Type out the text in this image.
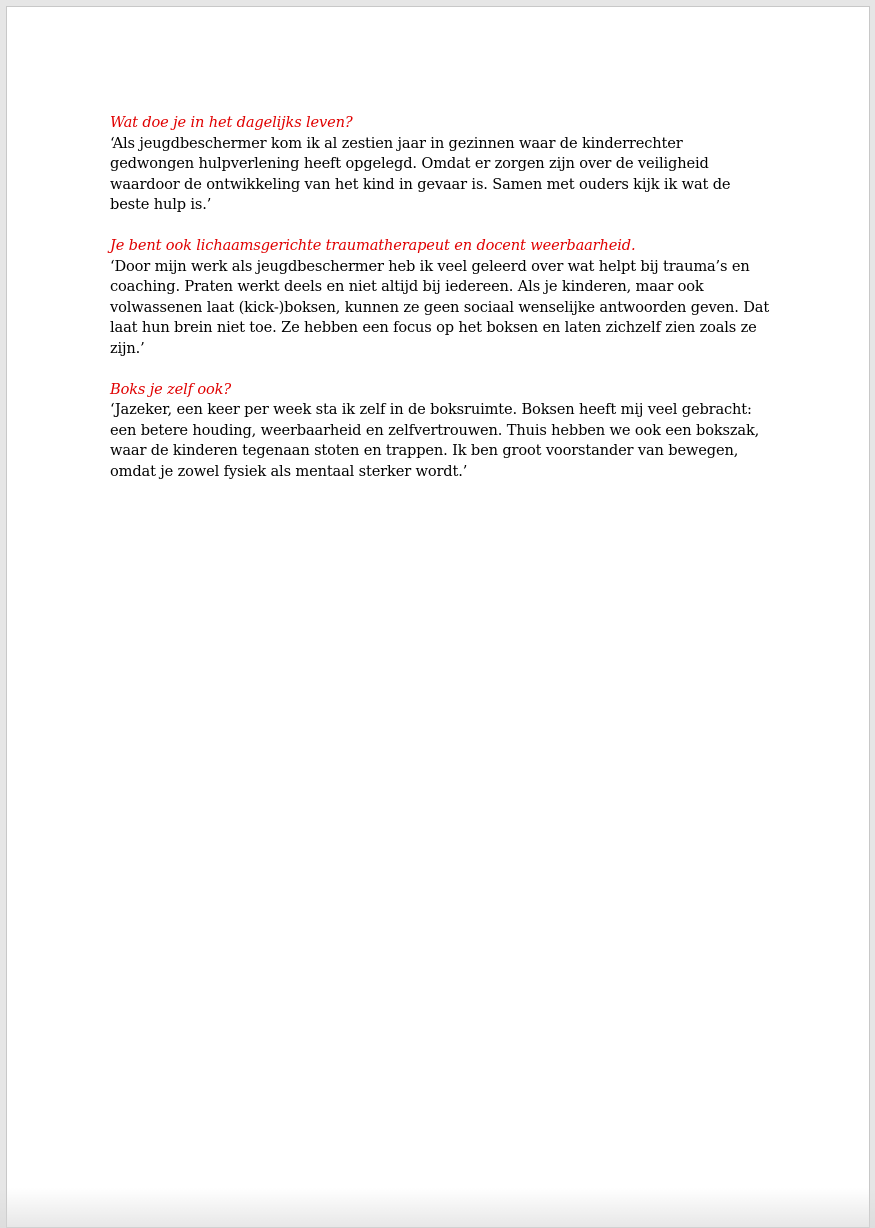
Wat doe je in het dagelijks leven?
‘Als jeugdbeschermer kom ik al zestien jaar in gezinnen waar de kinderrechter gedwongen hulpverlening heeft opgelegd. Omdat er zorgen zijn over de veiligheid waardoor de ontwikkeling van het kind in gevaar is. Samen met ouders kijk ik wat de beste hulp is.’
Je bent ook lichaamsgerichte traumatherapeut en docent weerbaarheid.
‘Door mijn werk als jeugdbeschermer heb ik veel geleerd over wat helpt bij trauma’s en coaching. Praten werkt deels en niet altijd bij iedereen. Als je kinderen, maar ook volwassenen laat (kick-)boksen, kunnen ze geen sociaal wenselijke antwoorden geven. Dat laat hun brein niet toe. Ze hebben een focus op het boksen en laten zichzelf zien zoals ze zijn.’
Boks je zelf ook?
‘Jazeker, een keer per week sta ik zelf in de boksruimte. Boksen heeft mij veel gebracht: een betere houding, weerbaarheid en zelfvertrouwen. Thuis hebben we ook een bokszak, waar de kinderen tegenaan stoten en trappen. Ik ben groot voorstander van bewegen, omdat je zowel fysiek als mentaal sterker wordt.’
